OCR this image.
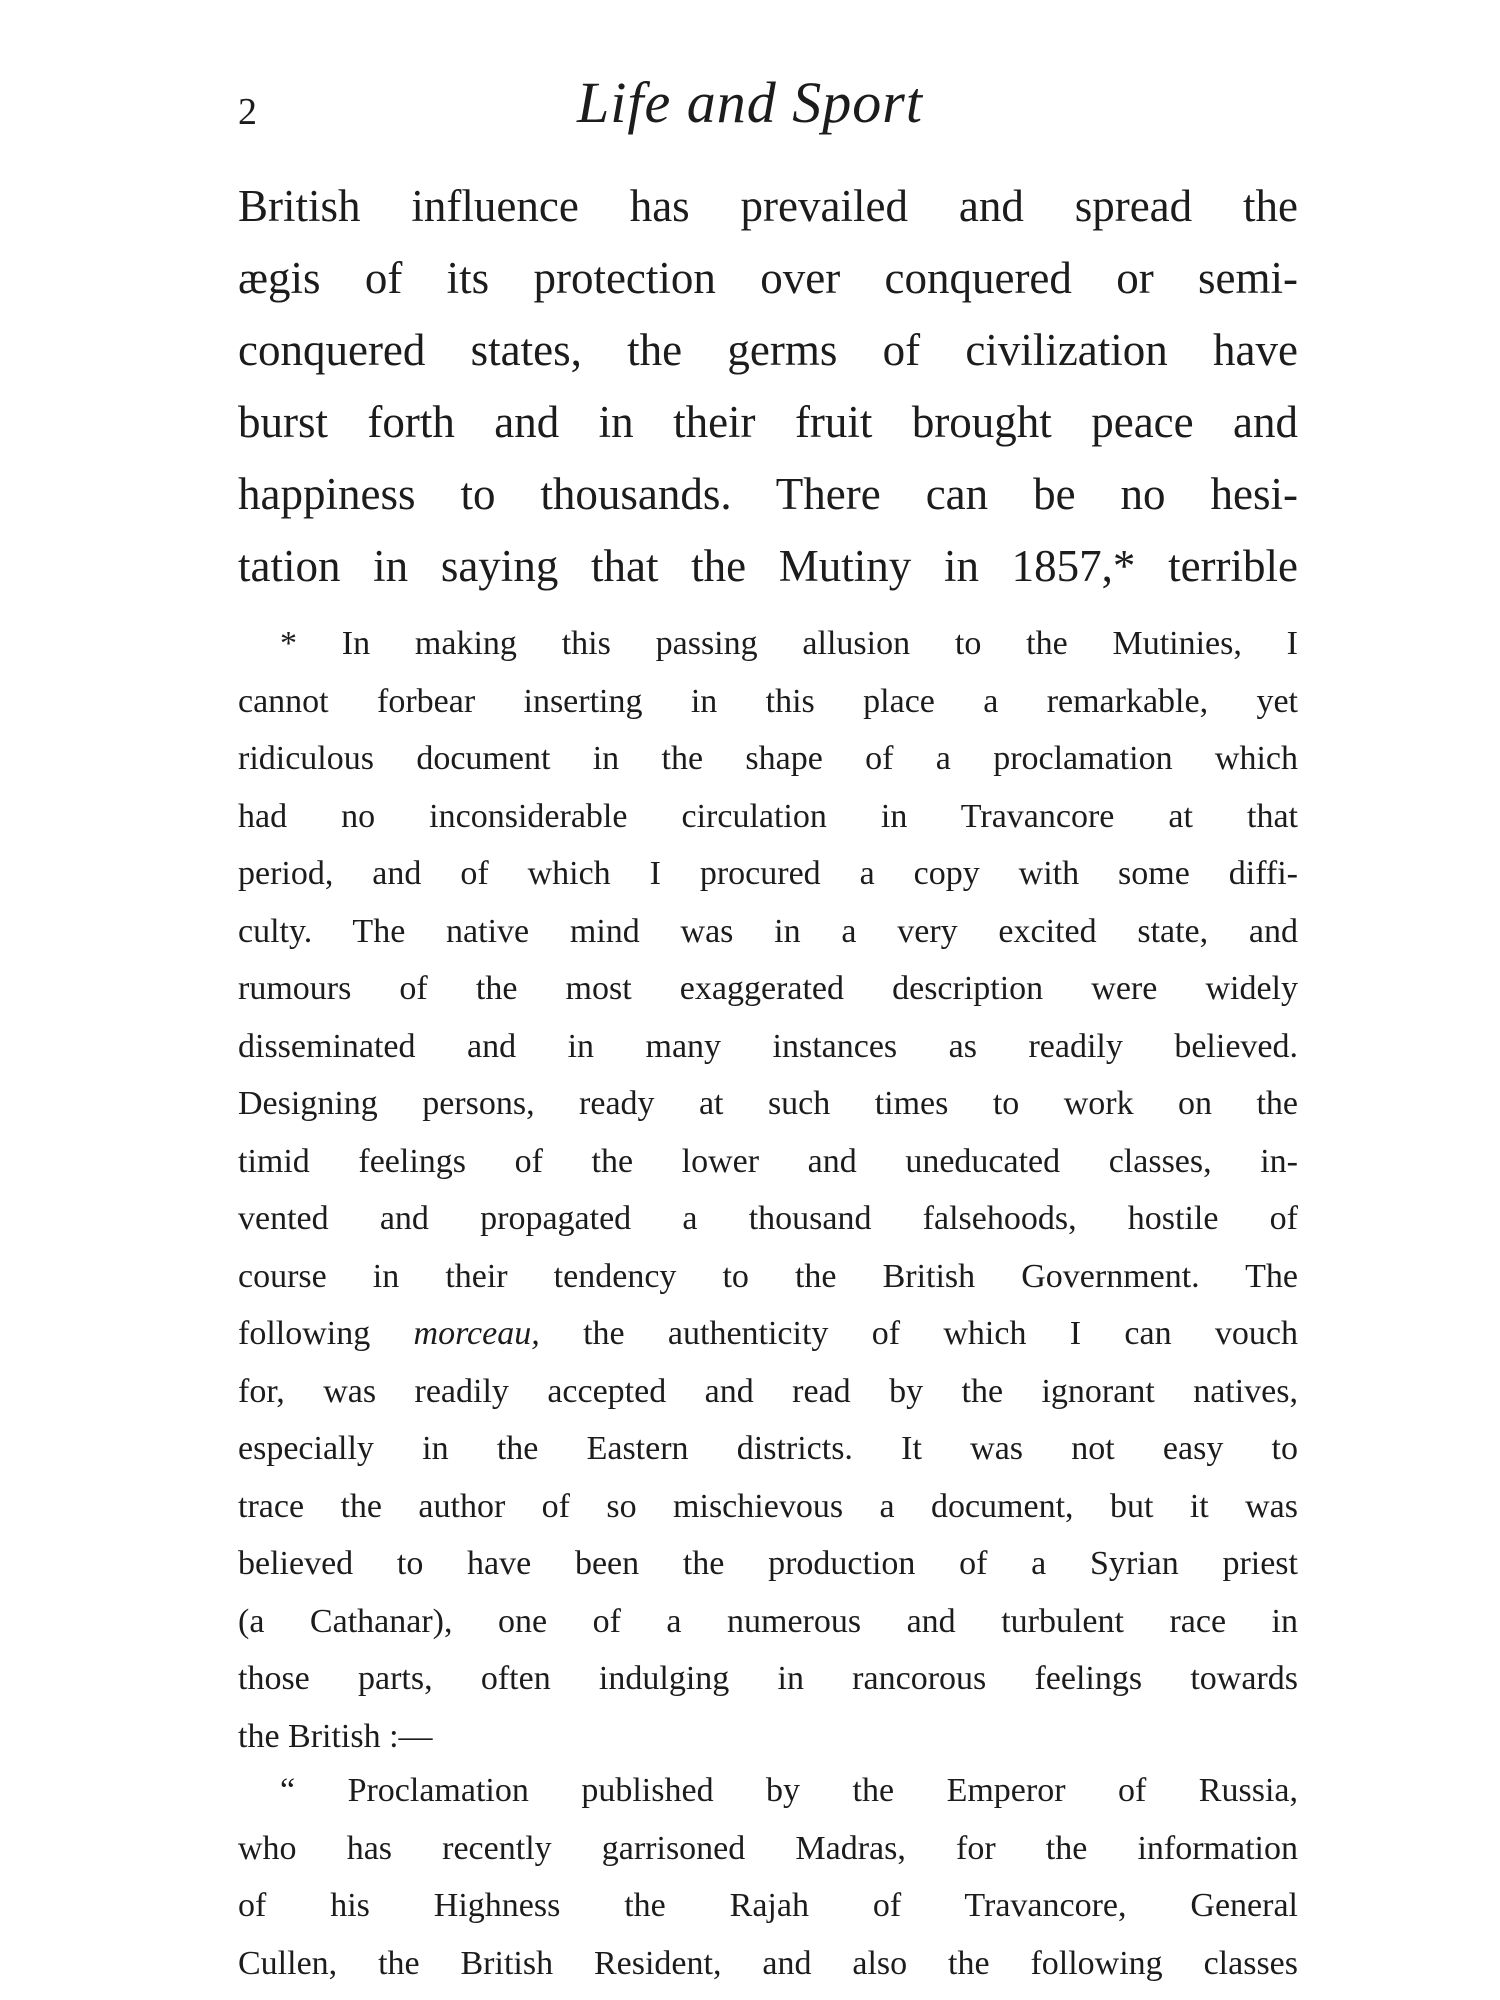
2	Life and Sport
British influence has prevailed and spread the
ægis of its protection over conquered or semi-
conquered states, the germs of civilization have
burst forth and in their fruit brought peace and
happiness to thousands. There can be no hesi-
tation in saying that the Mutiny in 1857,* terrible
* In making this passing allusion to the Mutinies, I
cannot forbear inserting in this place a remarkable, yet
ridiculous document in the shape of a proclamation which
had no inconsiderable circulation in Travancore at that
period, and of which I procured a copy with some diffi-
culty. The native mind was in a very excited state, and
rumours of the most exaggerated description were widely
disseminated and in many instances as readily believed.
Designing persons, ready at such times to work on the
timid feelings of the lower and uneducated classes, in-
vented and propagated a thousand falsehoods, hostile of
course in their tendency to the British Government. The
following morceau, the authenticity of which I can vouch
for, was readily accepted and read by the ignorant natives,
especially in the Eastern districts. It was not easy to
trace the author of so mischievous a document, but it was
believed to have been the production of a Syrian priest
(a Cathanar), one of a numerous and turbulent race in
those parts, often indulging in rancorous feelings towards
the British :—
“ Proclamation published by the Emperor of Russia,
who has recently garrisoned Madras, for the information
of his Highness the Rajah of Travancore, General
Cullen, the British Resident, and also the following classes
